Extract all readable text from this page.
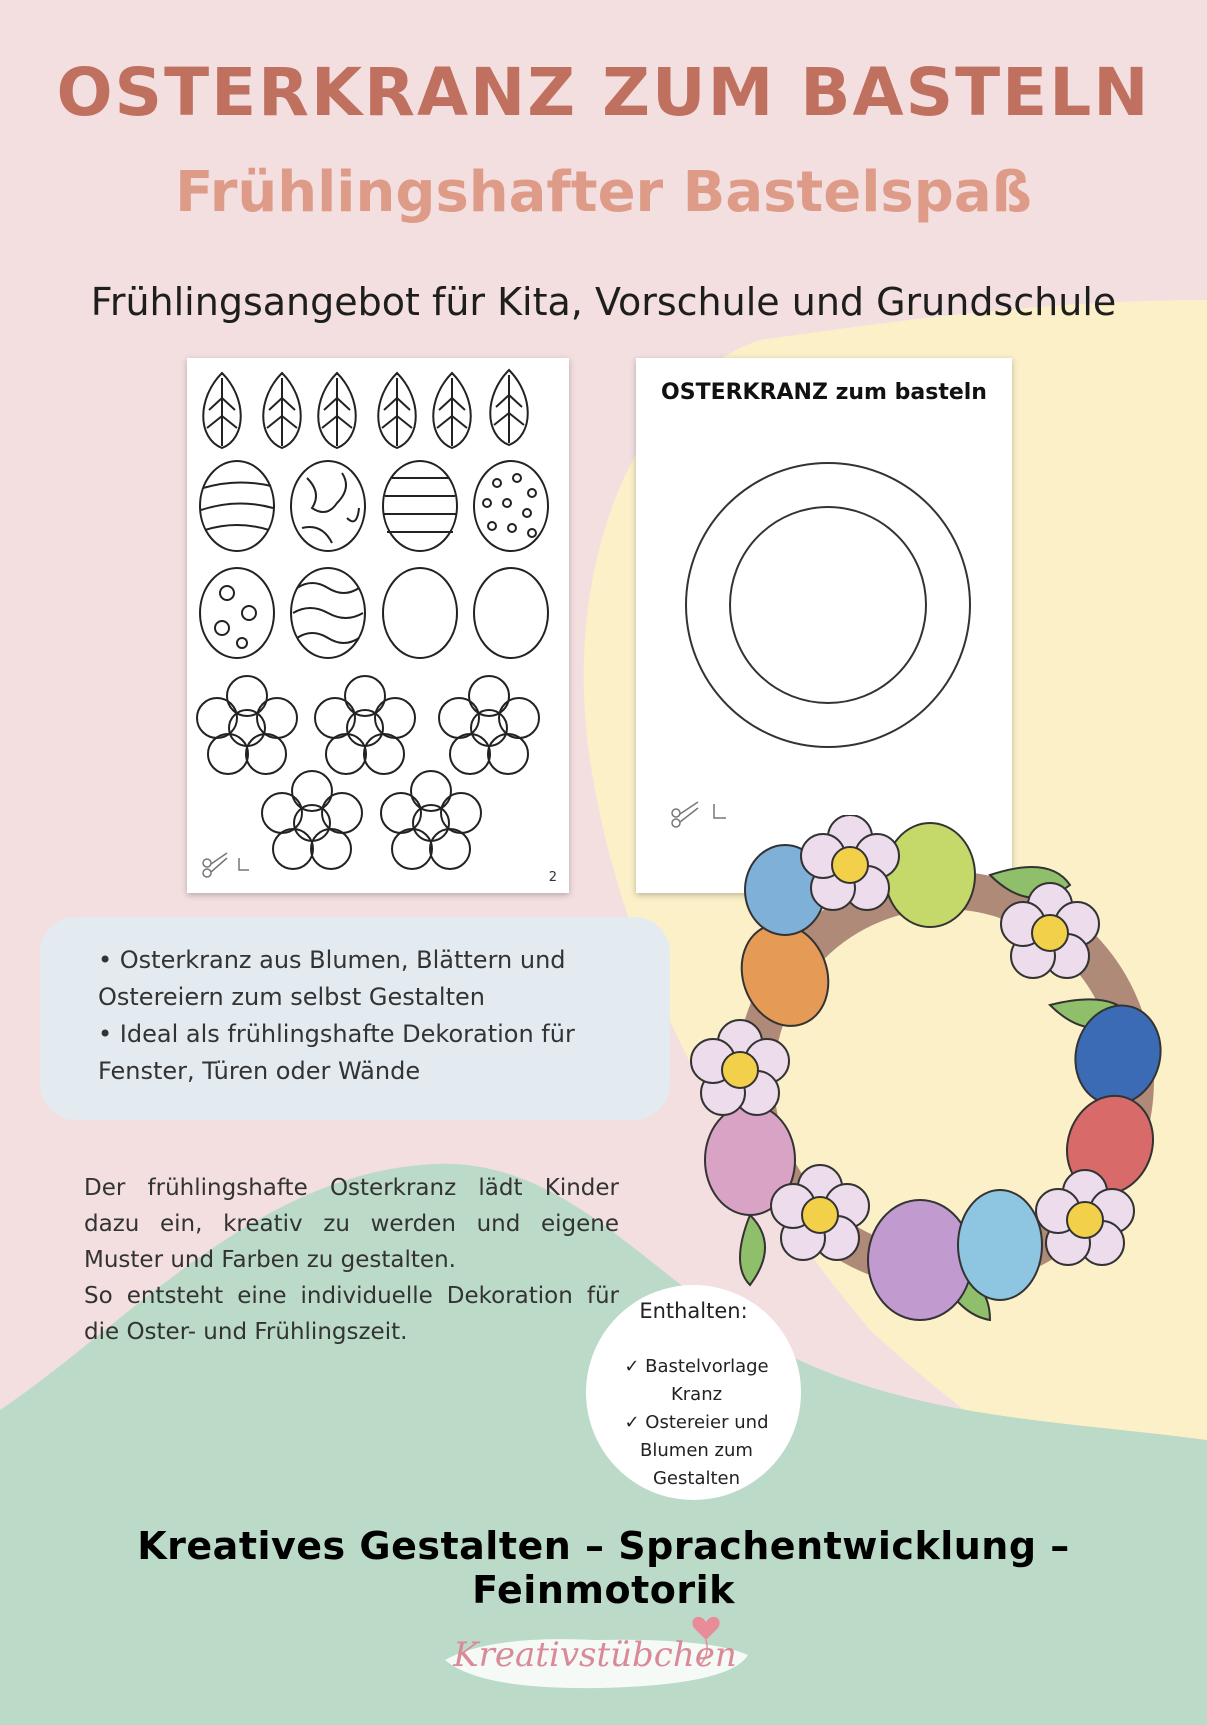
OSTERKRANZ ZUM BASTELN
Frühlingshafter Bastelspaß
Frühlingsangebot für Kita, Vorschule und Grundschule
2
OSTERKRANZ zum basteln

• Osterkranz aus Blumen, Blättern und Ostereiern zum selbst Gestalten

• Ideal als frühlingshafte Dekoration für Fenster, Türen oder Wände

Der frühlingshafte Osterkranz lädt Kinder dazu ein, kreativ zu werden und eigene Muster und Farben zu gestalten.

So entsteht eine individuelle Dekoration für die Oster- und Frühlingszeit.

Enthalten:
✓ Bastelvorlage Kranz
✓ Ostereier und Blumen zum Gestalten
Kreatives Gestalten – Sprachentwicklung – Feinmotorik
Kreativstübchen
